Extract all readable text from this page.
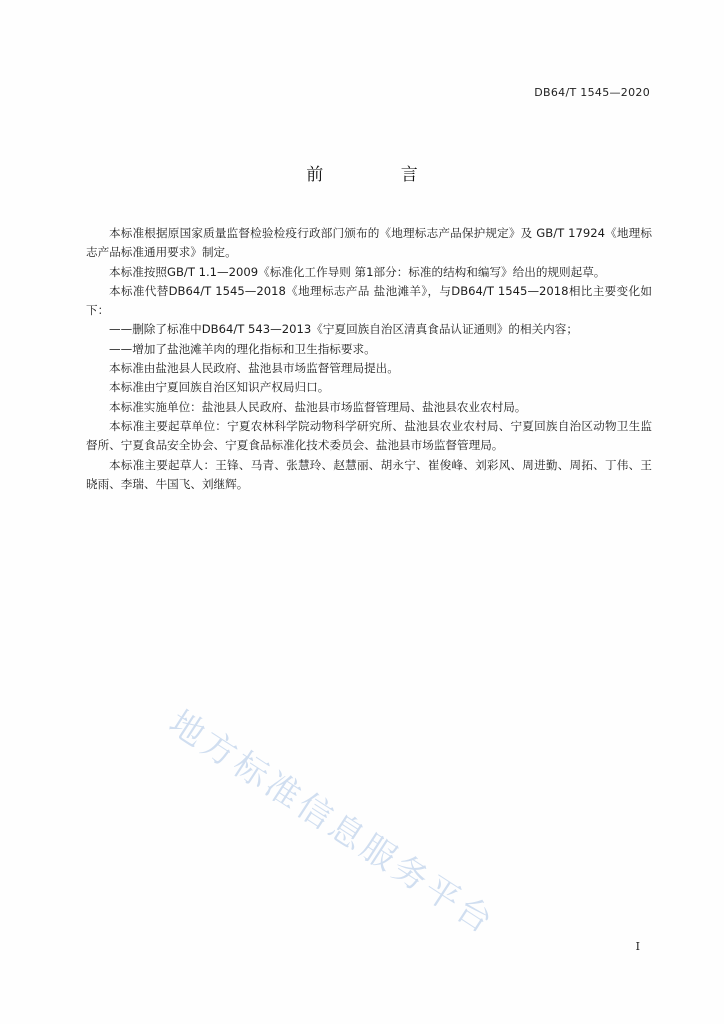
DB64/T 1545—2020
前 言

本标准根据原国家质量监督检验检疫行政部门颁布的《地理标志产品保护规定》及 GB/T 17924《地理标志产品标准通用要求》制定。

本标准按照GB/T 1.1—2009《标准化工作导则 第1部分：标准的结构和编写》给出的规则起草。

本标准代替DB64/T 1545—2018《地理标志产品 盐池滩羊》，与DB64/T 1545—2018相比主要变化如下：

——删除了标准中DB64/T 543—2013《宁夏回族自治区清真食品认证通则》的相关内容；

——增加了盐池滩羊肉的理化指标和卫生指标要求。

本标准由盐池县人民政府、盐池县市场监督管理局提出。

本标准由宁夏回族自治区知识产权局归口。

本标准实施单位：盐池县人民政府、盐池县市场监督管理局、盐池县农业农村局。

本标准主要起草单位：宁夏农林科学院动物科学研究所、盐池县农业农村局、宁夏回族自治区动物卫生监督所、宁夏食品安全协会、宁夏食品标准化技术委员会、盐池县市场监督管理局。

本标准主要起草人：王锋、马青、张慧玲、赵慧丽、胡永宁、崔俊峰、刘彩风、周进勤、周拓、丁伟、王晓雨、李瑞、牛国飞、刘继辉。

地方标准信息服务平台
I
